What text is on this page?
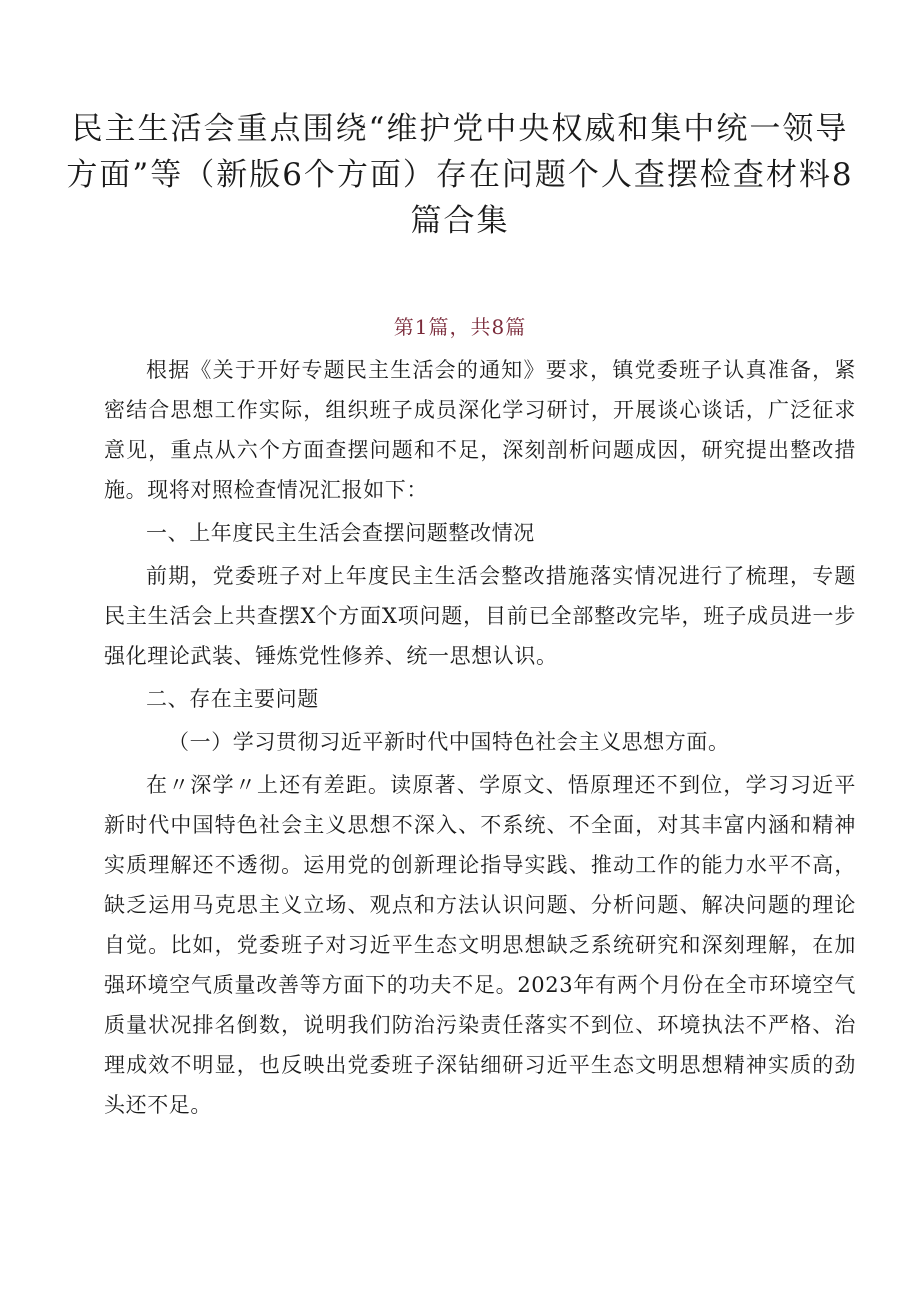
民主生活会重点围绕“维护党中央权威和集中统一领导方面”等（新版6个方面）存在问题个人查摆检查材料8篇合集
第1篇，共8篇

根据《关于开好专题民主生活会的通知》要求，镇党委班子认真准备，紧密结合思想工作实际，组织班子成员深化学习研讨，开展谈心谈话，广泛征求意见，重点从六个方面查摆问题和不足，深刻剖析问题成因，研究提出整改措施。现将对照检查情况汇报如下：

一、上年度民主生活会查摆问题整改情况

前期，党委班子对上年度民主生活会整改措施落实情况进行了梳理，专题民主生活会上共查摆X个方面X项问题，目前已全部整改完毕，班子成员进一步强化理论武装、锤炼党性修养、统一思想认识。

二、存在主要问题

（一）学习贯彻习近平新时代中国特色社会主义思想方面。

在〃深学〃上还有差距。读原著、学原文、悟原理还不到位，学习习近平新时代中国特色社会主义思想不深入、不系统、不全面，对其丰富内涵和精神实质理解还不透彻。运用党的创新理论指导实践、推动工作的能力水平不高，缺乏运用马克思主义立场、观点和方法认识问题、分析问题、解决问题的理论自觉。比如，党委班子对习近平生态文明思想缺乏系统研究和深刻理解，在加强环境空气质量改善等方面下的功夫不足。2023年有两个月份在全市环境空气质量状况排名倒数，说明我们防治污染责任落实不到位、环境执法不严格、治理成效不明显，也反映出党委班子深钻细研习近平生态文明思想精神实质的劲头还不足。
